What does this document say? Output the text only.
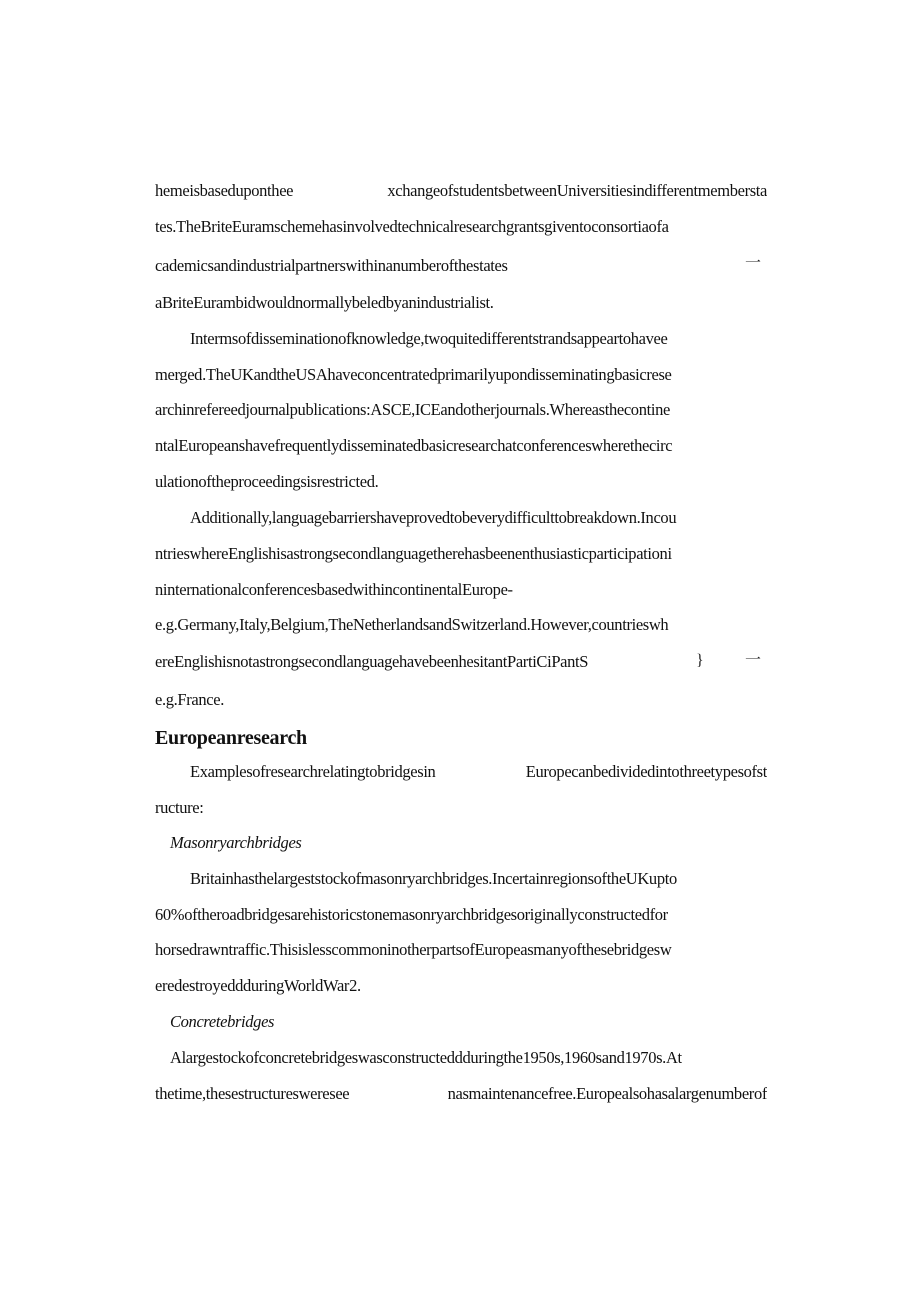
hemeisbaseduponthee xchangeofstudentsbetweenUniversitiesindifferentmembersta
tes.TheBriteEuramschemehasinvolvedtechnicalresearchgrantsgiventoconsortiaofa
cademicsandindustrialpartnerswithinanumberofthestates	一
aBriteEurambidwouldnormallybeledbyanindustrialist.
Intermsofdisseminationofknowledge,twoquitedifferentstrandsappeartohavee
merged.TheUKandtheUSAhaveconcentratedprimarilyupondisseminatingbasicrese
archinrefereedjournalpublications:ASCE,ICEandotherjournals.Whereasthecontine
ntalEuropeanshavefrequentlydisseminatedbasicresearchatconferenceswherethecirc
ulationoftheproceedingsisrestricted.
Additionally,languagebarriershaveprovedtobeverydifficulttobreakdown.Incou
ntrieswhereEnglishisastrongsecondlanguagetherehasbeenenthusiasticparticipationi
ninternationalconferencesbasedwithincontinentalEurope-
e.g.Germany,Italy,Belgium,TheNetherlandsandSwitzerland.However,countrieswh
ereEnglishisnotastrongsecondlanguagehavebeenhesitantPartiCiPantS	}	一
e.g.France.
Europeanresearch
Examplesofresearchrelatingtobridgesin Europecanbedividedintothreetypesofst
ructure:
Masonryarchbridges
Britainhasthelargeststockofmasonryarchbridges.IncertainregionsoftheUKupto
60%oftheroadbridgesarehistoricstonemasonryarchbridgesoriginallyconstructedfor
horsedrawntraffic.ThisislesscommoninotherpartsofEuropeasmanyofthesebridgesw
eredestroyeddduringWorldWar2.
Concretebridges
Alargestockofconcretebridgeswasconstructeddduringthe1950s,1960sand1970s.At
thetime,thesestructuresweresee nasmaintenancefree.Europealsohasalargenumberof
